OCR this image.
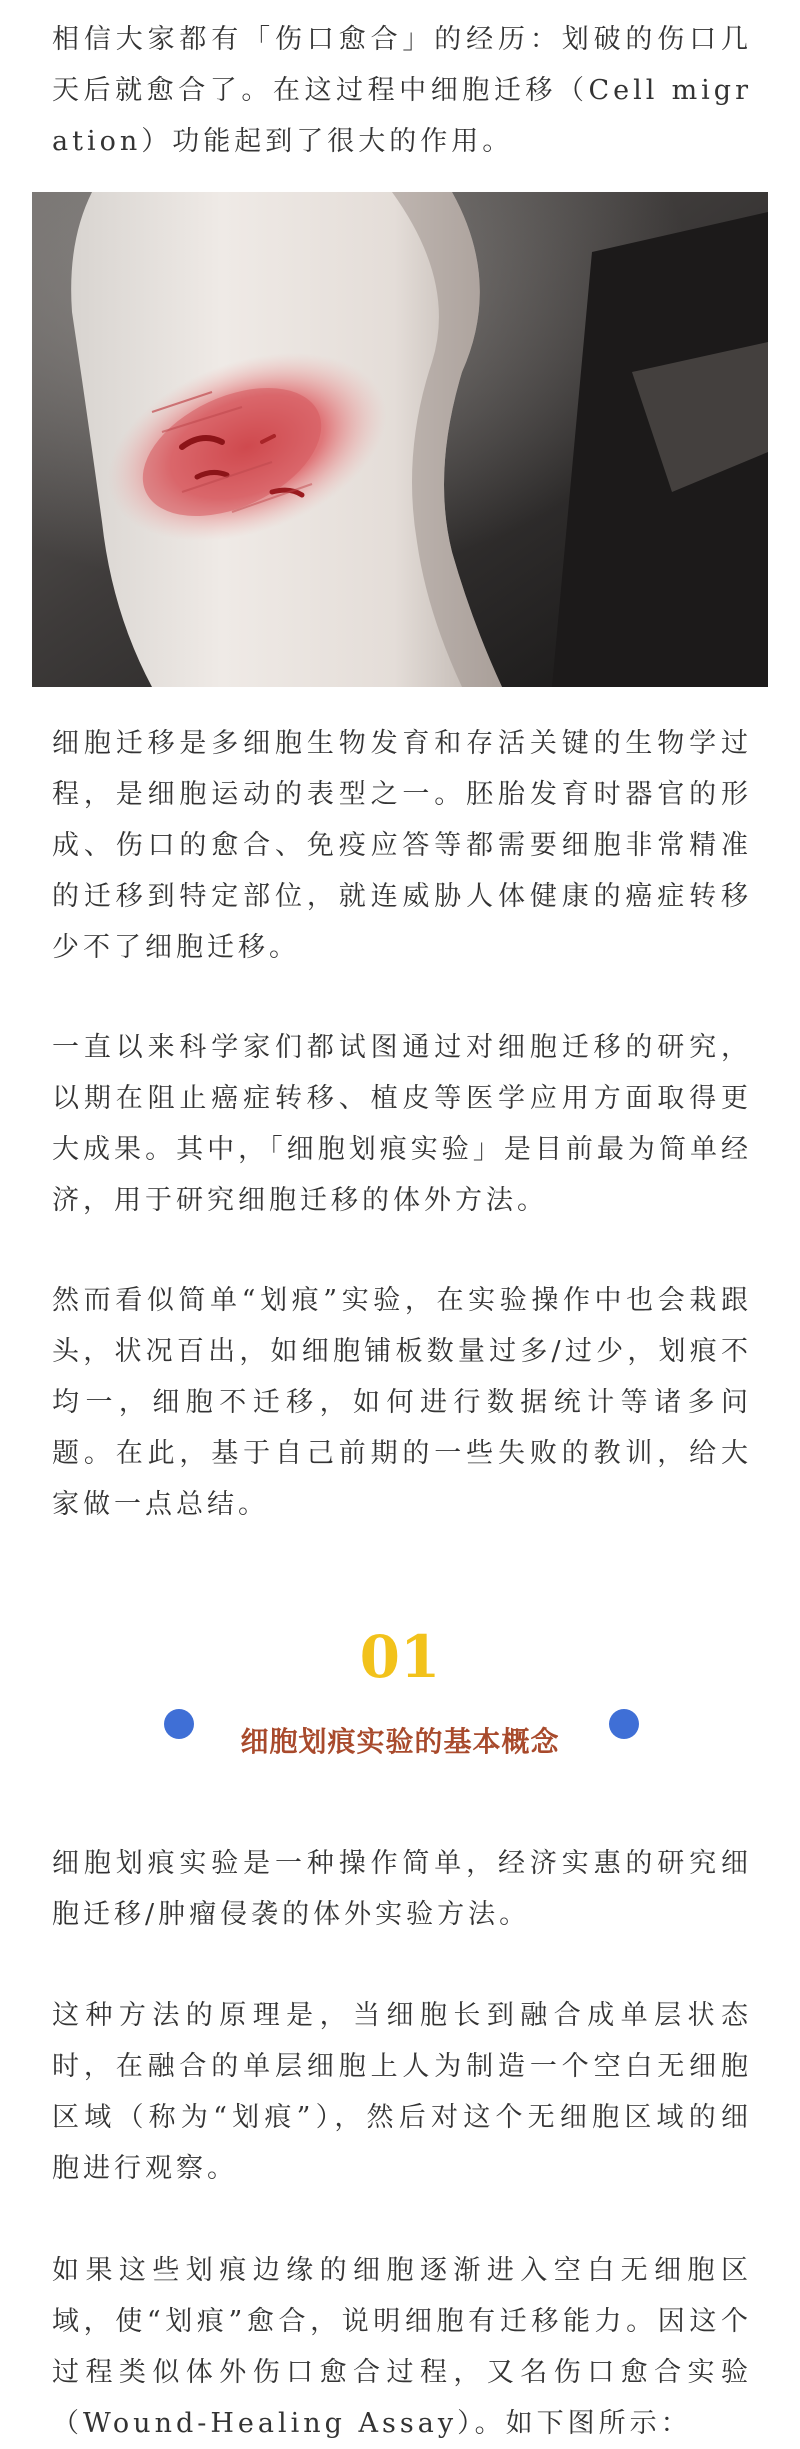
相信大家都有「伤口愈合」的经历：划破的伤口几天后就愈合了。在这过程中细胞迁移（Cell migration）功能起到了很大的作用。

细胞迁移是多细胞生物发育和存活关键的生物学过程，是细胞运动的表型之一。胚胎发育时器官的形成、伤口的愈合、免疫应答等都需要细胞非常精准的迁移到特定部位，就连威胁人体健康的癌症转移少不了细胞迁移。

一直以来科学家们都试图通过对细胞迁移的研究，以期在阻止癌症转移、植皮等医学应用方面取得更大成果。其中，「细胞划痕实验」是目前最为简单经济，用于研究细胞迁移的体外方法。

然而看似简单“划痕”实验，在实验操作中也会栽跟头，状况百出，如细胞铺板数量过多/过少，划痕不均一，细胞不迁移，如何进行数据统计等诸多问题。在此，基于自己前期的一些失败的教训，给大家做一点总结。

01
细胞划痕实验的基本概念

细胞划痕实验是一种操作简单，经济实惠的研究细胞迁移/肿瘤侵袭的体外实验方法。

这种方法的原理是，当细胞长到融合成单层状态时，在融合的单层细胞上人为制造一个空白无细胞区域（称为“划痕”），然后对这个无细胞区域的细胞进行观察。

如果这些划痕边缘的细胞逐渐进入空白无细胞区域，使“划痕”愈合，说明细胞有迁移能力。因这个过程类似体外伤口愈合过程，又名伤口愈合实验（Wound-Healing Assay）。如下图所示：
